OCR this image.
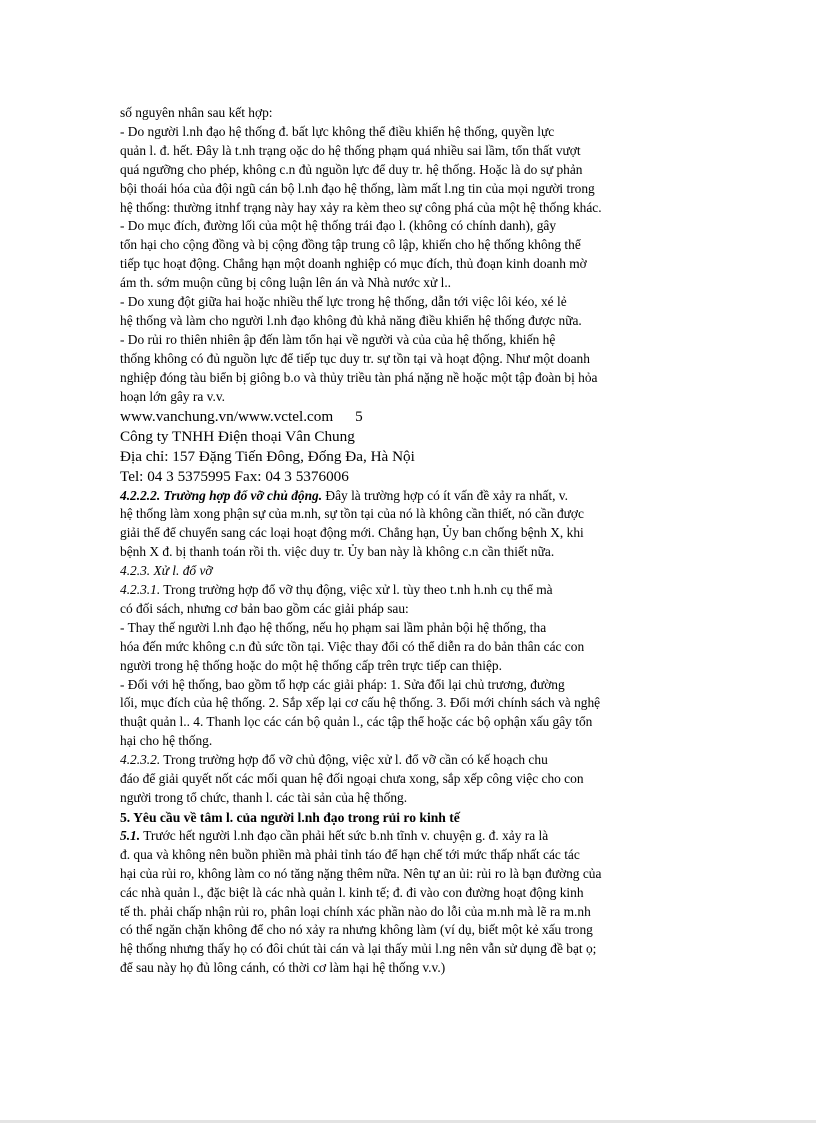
số nguyên nhân sau kết hợp:
- Do người l.nh đạo hệ thống đ. bất lực không thể điều khiển hệ thống, quyền lực
quản l. đ. hết. Đây là t.nh trạng oặc do hệ thống phạm quá nhiều sai lầm, tổn thất vượt
quá ngưỡng cho phép, không c.n đủ nguồn lực để duy tr. hệ thống. Hoặc là do sự phản
bội thoái hóa của đội ngũ cán bộ l.nh đạo hệ thống, làm mất l.ng tin của mọi người trong
hệ thống: thường itnhf trạng này hay xảy ra kèm theo sự công phá của một hệ thống khác.
- Do mục đích, đường lối của một hệ thống trái đạo l. (không có chính danh), gây
tổn hại cho cộng đồng và bị cộng đồng tập trung cô lập, khiến cho hệ thống không thể
tiếp tục hoạt động. Chẳng hạn một doanh nghiệp có mục đích, thủ đoạn kinh doanh mờ
ám th. sớm muộn cũng bị công luận lên án và Nhà nước xử l..
- Do xung đột giữa hai hoặc nhiều thế lực trong hệ thống, dẫn tới việc lôi kéo, xé lẻ
hệ thống và làm cho người l.nh đạo không đủ khả năng điều khiển hệ thống được nữa.
- Do rủi ro thiên nhiên ập đến làm tổn hại về người và của của hệ thống, khiến hệ
thống không có đủ nguồn lực để tiếp tục duy tr. sự tồn tại và hoạt động. Như một doanh
nghiệp đóng tàu biển bị giông b.o và thủy triều tàn phá nặng nề hoặc một tập đoàn bị hỏa
hoạn lớn gây ra v.v.

www.vanchung.vn/www.vctel.com 5

Công ty TNHH Điện thoại Vân Chung

Địa chỉ: 157 Đặng Tiến Đông, Đống Đa, Hà Nội

Tel: 04 3 5375995 Fax: 04 3 5376006

4.2.2.2. Trường hợp đổ vỡ chủ động. Đây là trường hợp có ít vấn đề xảy ra nhất, v.
hệ thống làm xong phận sự của m.nh, sự tồn tại của nó là không cần thiết, nó cần được
giải thể để chuyển sang các loại hoạt động mới. Chẳng hạn, Ủy ban chống bệnh X, khi
bệnh X đ. bị thanh toán rồi th. việc duy tr. Ủy ban này là không c.n cần thiết nữa.

4.2.3. Xử l. đổ vỡ

4.2.3.1. Trong trường hợp đổ vỡ thụ động, việc xử l. tùy theo t.nh h.nh cụ thể mà
có đối sách, nhưng cơ bản bao gồm các giải pháp sau:
- Thay thế người l.nh đạo hệ thống, nếu họ phạm sai lầm phản bội hệ thống, tha
hóa đến mức không c.n đủ sức tồn tại. Việc thay đổi có thể diễn ra do bản thân các con
người trong hệ thống hoặc do một hệ thống cấp trên trực tiếp can thiệp.
- Đối với hệ thống, bao gồm tổ hợp các giải pháp: 1. Sửa đổi lại chủ trương, đường
lối, mục đích của hệ thống. 2. Sắp xếp lại cơ cấu hệ thống. 3. Đổi mới chính sách và nghệ
thuật quản l.. 4. Thanh lọc các cán bộ quản l., các tập thể hoặc các bộ ophận xấu gây tổn
hại cho hệ thống.
4.2.3.2. Trong trường hợp đổ vỡ chủ động, việc xử l. đổ vỡ cần có kế hoạch chu
đáo để giải quyết nốt các mối quan hệ đối ngoại chưa xong, sắp xếp công việc cho con
người trong tổ chức, thanh l. các tài sản của hệ thống.

5. Yêu cầu về tâm l. của người l.nh đạo trong rủi ro kinh tế

5.1. Trước hết người l.nh đạo cần phải hết sức b.nh tĩnh v. chuyện g. đ. xảy ra là
đ. qua và không nên buồn phiền mà phải tỉnh táo để hạn chế tới mức thấp nhất các tác
hại của rủi ro, không làm co nó tăng nặng thêm nữa. Nên tự an ủi: rủi ro là bạn đường của
các nhà quản l., đặc biệt là các nhà quản l. kinh tế; đ. đi vào con đường hoạt động kinh
tế th. phải chấp nhận rủi ro, phân loại chính xác phần nào do lỗi của m.nh mà lẽ ra m.nh
có thể ngăn chặn không để cho nó xảy ra nhưng không làm (ví dụ, biết một kẻ xấu trong
hệ thống nhưng thấy họ có đôi chút tài cán và lại thấy mủi l.ng nên vẫn sử dụng đề bạt ọ;
để sau này họ đủ lông cánh, có thời cơ làm hại hệ thống v.v.)
